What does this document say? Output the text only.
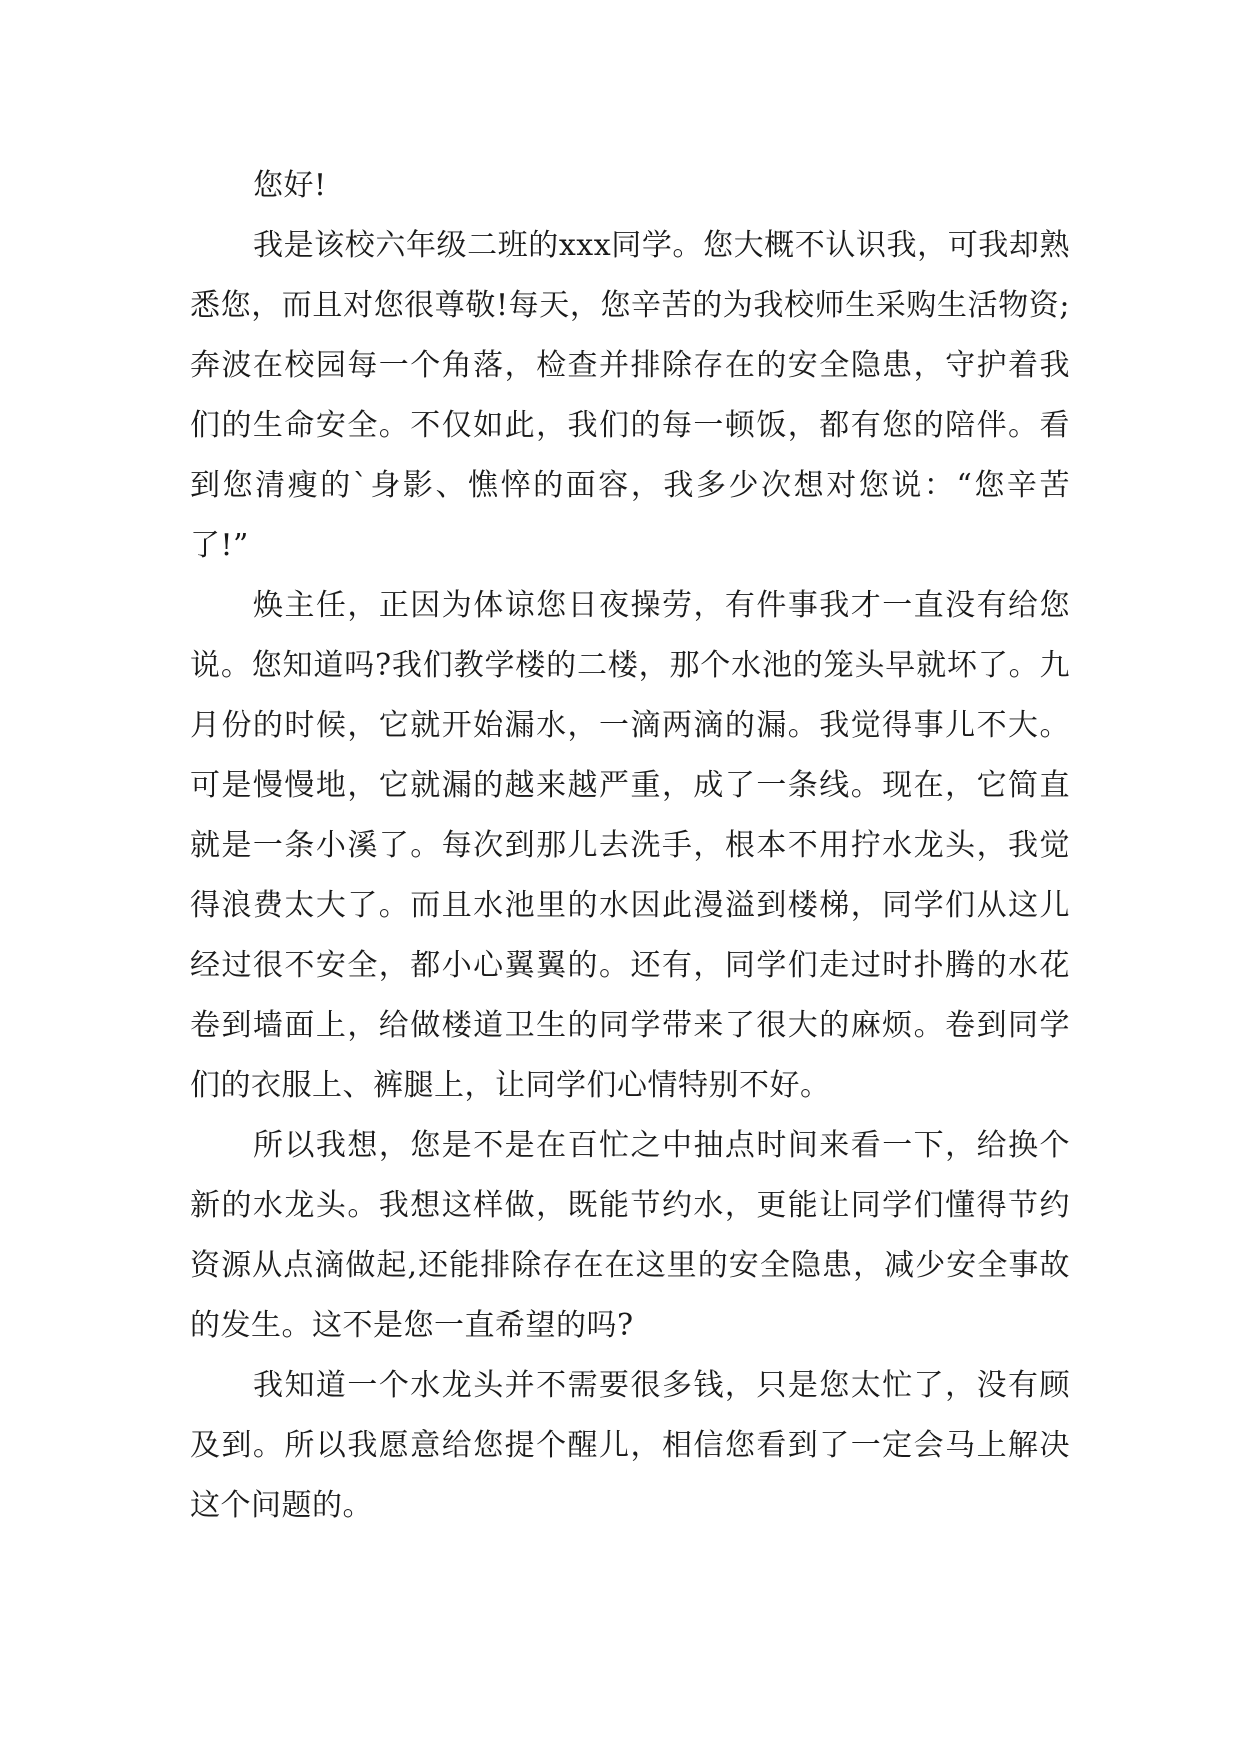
您好!

我是该校六年级二班的xxx同学。您大概不认识我，可我却熟悉您，而且对您很尊敬!每天，您辛苦的为我校师生采购生活物资;奔波在校园每一个角落，检查并排除存在的安全隐患，守护着我们的生命安全。不仅如此，我们的每一顿饭，都有您的陪伴。看到您清瘦的`身影、憔悴的面容，我多少次想对您说：“您辛苦了!”

焕主任，正因为体谅您日夜操劳，有件事我才一直没有给您说。您知道吗?我们教学楼的二楼，那个水池的笼头早就坏了。九月份的时候，它就开始漏水，一滴两滴的漏。我觉得事儿不大。可是慢慢地，它就漏的越来越严重，成了一条线。现在，它简直就是一条小溪了。每次到那儿去洗手，根本不用拧水龙头，我觉得浪费太大了。而且水池里的水因此漫溢到楼梯，同学们从这儿经过很不安全，都小心翼翼的。还有，同学们走过时扑腾的水花卷到墙面上，给做楼道卫生的同学带来了很大的麻烦。卷到同学们的衣服上、裤腿上，让同学们心情特别不好。

所以我想，您是不是在百忙之中抽点时间来看一下，给换个新的水龙头。我想这样做，既能节约水，更能让同学们懂得节约资源从点滴做起,还能排除存在在这里的安全隐患，减少安全事故的发生。这不是您一直希望的吗?

我知道一个水龙头并不需要很多钱，只是您太忙了，没有顾及到。所以我愿意给您提个醒儿，相信您看到了一定会马上解决这个问题的。
